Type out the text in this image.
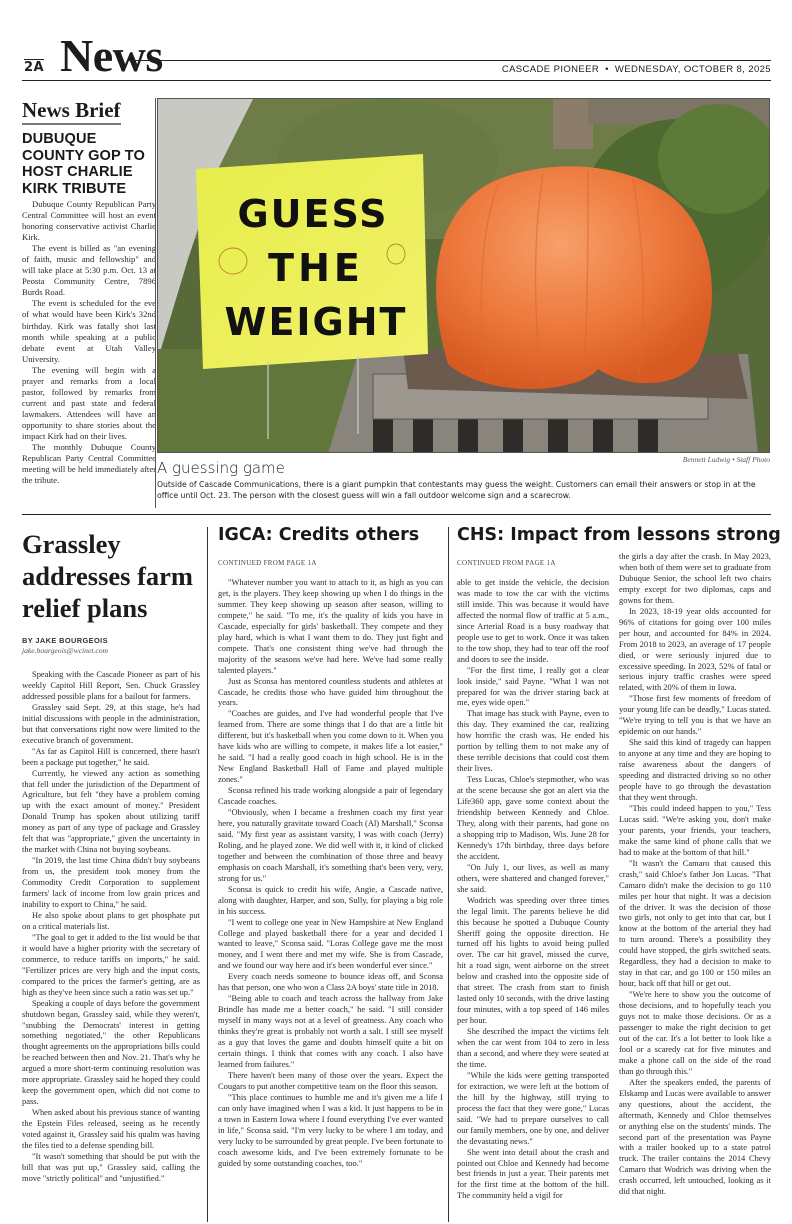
2A News	CASCADE PIONEER • WEDNESDAY, OCTOBER 8, 2025
News Brief
DUBUQUE COUNTY GOP TO HOST CHARLIE KIRK TRIBUTE

Dubuque County Republican Party Central Committee will host an event honoring conservative activist Charlie Kirk.

The event is billed as "an evening of faith, music and fellowship" and will take place at 5:30 p.m. Oct. 13 at Peosta Community Centre, 7896 Burds Road.

The event is scheduled for the eve of what would have been Kirk's 32nd birthday. Kirk was fatally shot last month while speaking at a public debate event at Utah Valley University.

The evening will begin with a prayer and remarks from a local pastor, followed by remarks from current and past state and federal lawmakers. Attendees will have an opportunity to share stories about the impact Kirk had on their lives.

The monthly Dubuque County Republican Party Central Committee meeting will be held immediately after the tribute.

GUESS
THE
WEIGHT
Bennett Ludwig • Staff Photo
A guessing game
Outside of Cascade Communications, there is a giant pumpkin that contestants may guess the weight. Customers can email their answers or stop in at the office until Oct. 23. The person with the closest guess will win a fall outdoor welcome sign and a scarecrow.
Grassley addresses farm relief plans
BY JAKE BOURGEOIS
jake.bourgeois@wcinet.com

Speaking with the Cascade Pioneer as part of his weekly Capitol Hill Report, Sen. Chuck Grassley addressed possible plans for a bailout for farmers.

Grassley said Sept. 29, at this stage, he's had initial discussions with people in the administration, but that conversations right now were limited to the executive branch of government.

"As far as Capitol Hill is concerned, there hasn't been a package put together," he said.

Currently, he viewed any action as something that fell under the jurisdiction of the Department of Agriculture, but felt "they have a problem coming up with the exact amount of money." President Donald Trump has spoken about utilizing tariff money as part of any type of package and Grassley felt that was "appropriate," given the uncertainty in the market with China not buying soybeans.

"In 2019, the last time China didn't buy soybeans from us, the president took money from the Commodity Credit Corporation to supplement farmers' lack of income from low grain prices and inability to export to China," he said.

He also spoke about plans to get phosphate put on a critical materials list.

"The goal to get it added to the list would be that it would have a higher priority with the secretary of commerce, to reduce tariffs on imports," he said. "Fertilizer prices are very high and the input costs, compared to the prices the farmer's getting, are as high as they've been since such a ratio was set up."

Speaking a couple of days before the government shutdown began, Grassley said, while they weren't, "snubbing the Democrats' interest in getting something negotiated," the other Republicans thought agreements on the appropriations bills could be reached between then and Nov. 21. That's why he argued a more short-term continuing resolution was more appropriate. Grassley said he hoped they could keep the government open, which did not come to pass.

When asked about his previous stance of wanting the Epstein Files released, seeing as he recently voted against it, Grassley said his qualm was having the files tied to a defense spending bill.

"It wasn't something that should be put with the bill that was put up," Grassley said, calling the move "strictly political" and "unjustified."

IGCA: Credits others
CONTINUED FROM PAGE 1A

"Whatever number you want to attach to it, as high as you can get, is the players. They keep showing up when I do things in the summer. They keep showing up season after season, willing to compete," he said. "To me, it's the quality of kids you have in Cascade, especially for girls' basketball. They compete and they play hard, which is what I want them to do. They just fight and compete. That's one consistent thing we've had through the majority of the seasons we've had here. We've had some really talented players."

Just as Sconsa has mentored countless students and athletes at Cascade, he credits those who have guided him throughout the years.

"Coaches are guides, and I've had wonderful people that I've learned from. There are some things that I do that are a little bit different, but it's basketball when you come down to it. When you have kids who are willing to compete, it makes life a lot easier," he said. "I had a really good coach in high school. He is in the New England Basketball Hall of Fame and played multiple zones."

Sconsa refined his trade working alongside a pair of legendary Cascade coaches.

"Obviously, when I became a freshmen coach my first year here, you naturally gravitate toward Coach (Al) Marshall," Sconsa said. "My first year as assistant varsity, I was with coach (Jerry) Roling, and he played zone. We did well with it, it kind of clicked together and between the combination of those three and heavy emphasis on coach Marshall, it's something that's been very, very, strong for us."

Sconsa is quick to credit his wife, Angie, a Cascade native, along with daughter, Harper, and son, Sully, for playing a big role in his success.

"I went to college one year in New Hampshire at New England College and played basketball there for a year and decided I wanted to leave," Sconsa said. "Loras College gave me the most money, and I went there and met my wife. She is from Cascade, and we found our way here and it's been wonderful ever since."

Every coach needs someone to bounce ideas off, and Sconsa has that person, one who won a Class 2A boys' state title in 2018.

"Being able to coach and teach across the hallway from Jake Brindle has made me a better coach," he said. "I still consider myself in many ways not at a level of greatness. Any coach who thinks they're great is probably not worth a salt. I still see myself as a guy that loves the game and doubts himself quite a bit on certain things. I think that comes with any coach. I also have learned from failures."

There haven't been many of those over the years. Expect the Cougars to put another competitive team on the floor this season.

"This place continues to humble me and it's given me a life I can only have imagined when I was a kid. It just happens to be in a town in Eastern Iowa where I found everything I've ever wanted in life," Sconsa said. "I'm very lucky to be where I am today, and very lucky to be surrounded by great people. I've been fortunate to coach awesome kids, and I've been extremely fortunate to be guided by some outstanding coaches, too."

CHS: Impact from lessons strong
CONTINUED FROM PAGE 1A

able to get inside the vehicle, the decision was made to tow the car with the victims still inside. This was because it would have affected the normal flow of traffic at 5 a.m., since Arterial Road is a busy roadway that people use to get to work. Once it was taken to the tow shop, they had to tear off the roof and doors to see the inside.

"For the first time, I really got a clear look inside," said Payne. "What I was not prepared for was the driver staring back at me, eyes wide open."

That image has stuck with Payne, even to this day. They examined the car, realizing how horrific the crash was. He ended his portion by telling them to not make any of these terrible decisions that could cost them their lives.

Tess Lucas, Chloe's stepmother, who was at the scene because she got an alert via the Life360 app, gave some context about the friendship between Kennedy and Chloe. They, along with their parents, had gone on a shopping trip to Madison, Wis. June 28 for Kennedy's 17th birthday, three days before the accident.

"On July 1, our lives, as well as many others, were shattered and changed forever," she said.

Wodrich was speeding over three times the legal limit. The parents believe he did this because he spotted a Dubuque County Sheriff going the opposite direction. He turned off his lights to avoid being pulled over. The car hit gravel, missed the curve, hit a road sign, went airborne on the street below and crashed into the opposite side of that street. The crash from start to finish lasted only 10 seconds, with the drive lasting four minutes, with a top speed of 146 miles per hour.

She described the impact the victims felt when the car went from 104 to zero in less than a second, and where they were seated at the time.

"While the kids were getting transported for extraction, we were left at the bottom of the hill by the highway, still trying to process the fact that they were gone," Lucas said. "We had to prepare ourselves to call our family members, one by one, and deliver the devastating news."

She went into detail about the crash and pointed out Chloe and Kennedy had become best friends in just a year. Their parents met for the first time at the bottom of the hill. The community held a vigil for

the girls a day after the crash. In May 2023, when both of them were set to graduate from Dubuque Senior, the school left two chairs empty except for two diplomas, caps and gowns for them.

In 2023, 18-19 year olds accounted for 96% of citations for going over 100 miles per hour, and accounted for 84% in 2024. From 2018 to 2023, an average of 17 people died, or were seriously injured due to excessive speeding. In 2023, 52% of fatal or serious injury traffic crashes were speed related, with 20% of them in Iowa.

"Those first few moments of freedom of your young life can be deadly," Lucas stated. "We're trying to tell you is that we have an epidemic on our hands."

She said this kind of tragedy can happen to anyone at any time and they are hoping to raise awareness about the dangers of speeding and distracted driving so no other people have to go through the devastation that they went through.

"This could indeed happen to you," Tess Lucas said. "We're asking you, don't make your parents, your friends, your teachers, make the same kind of phone calls that we had to make at the bottom of that hill."

"It wasn't the Camaro that caused this crash," said Chloe's father Jon Lucas. "That Camaro didn't make the decision to go 110 miles per hour that night. It was a decision of the driver. It was the decision of those two girls, not only to get into that car, but I know at the bottom of the arterial they had to turn around. There's a possibility they could have stopped, the girls switched seats. Regardless, they had a decision to make to stay in that car, and go 100 or 150 miles an hour, back off that hill or get out.

"We're here to show you the outcome of those decisions, and to hopefully teach you guys not to make those decisions. Or as a passenger to make the right decision to get out of the car. It's a lot better to look like a fool or a scaredy cat for five minutes and make a phone call on the side of the road than go through this."

After the speakers ended, the parents of Elskamp and Lucas were available to answer any questions, about the accident, the aftermath, Kennedy and Chloe themselves or anything else on the students' minds. The second part of the presentation was Payne with a trailer hooked up to a state patrol truck. The trailer contains the 2014 Chevy Camaro that Wodrich was driving when the crash occurred, left untouched, looking as it did that night.
